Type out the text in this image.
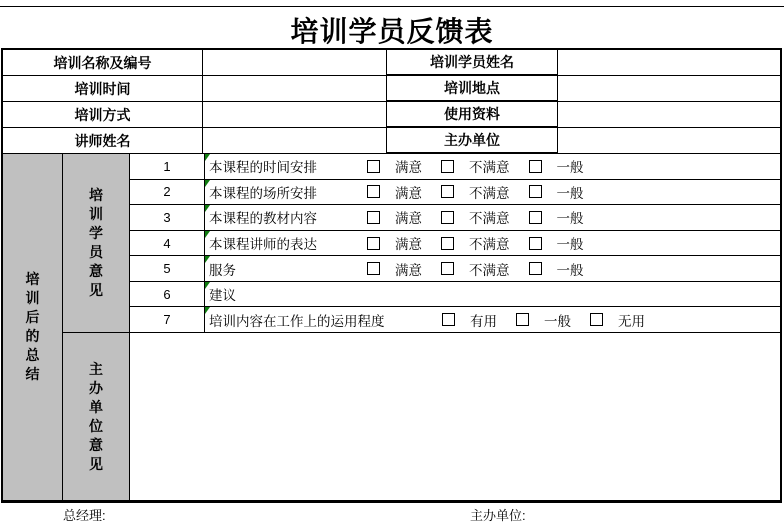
培训学员反馈表
培训名称及编号	培训学员姓名
培训时间	培训地点
培训方式	使用资料
讲师姓名	主办单位
培训后的总结
培训学员意见
主办单位意见
1	本课程的时间安排	满意	不满意	一般
2	本课程的场所安排	满意	不满意	一般
3	本课程的教材内容	满意	不满意	一般
4	本课程讲师的表达	满意	不满意	一般
5	服务	满意	不满意	一般
6	建议
7	培训内容在工作上的运用程度	有用	一般	无用
总经理:	主办单位:
